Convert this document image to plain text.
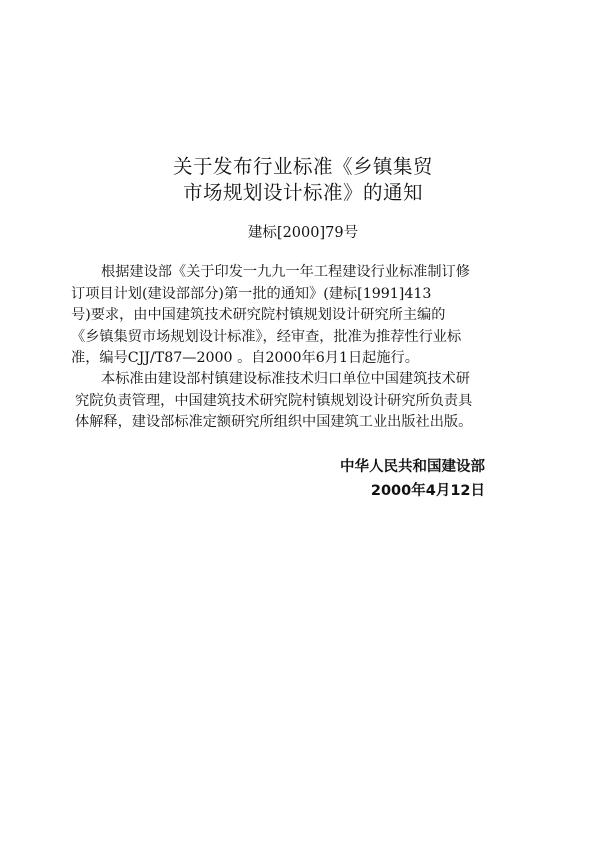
关于发布行业标准《乡镇集贸
市场规划设计标准》的通知
建标[2000]79号
根据建设部《关于印发一九九一年工程建设行业标准制订修
订项目计划(建设部部分)第一批的通知》(建标[1991]413
号)要求，由中国建筑技术研究院村镇规划设计研究所主编的
《乡镇集贸市场规划设计标准》，经审查，批准为推荐性行业标
准，编号CJJ/T87—2000 。自2000年6月1日起施行。
本标准由建设部村镇建设标准技术归口单位中国建筑技术研
究院负责管理，中国建筑技术研究院村镇规划设计研究所负责具
体解释，建设部标准定额研究所组织中国建筑工业出版社出版。
中华人民共和国建设部
2000年4月12日
